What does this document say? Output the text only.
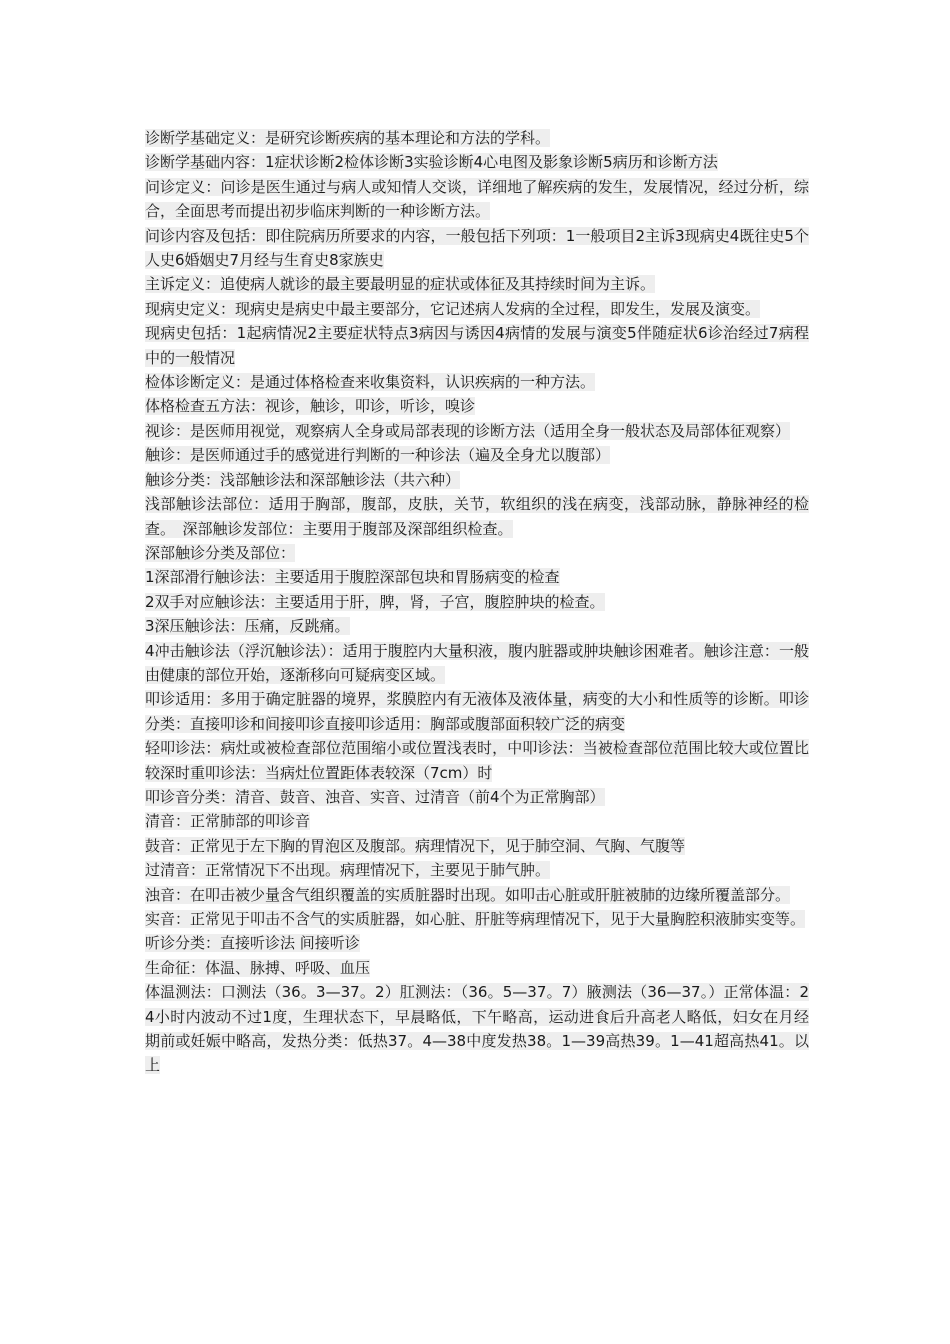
诊断学基础定义：是研究诊断疾病的基本理论和方法的学科。

诊断学基础内容：1症状诊断2检体诊断3实验诊断4心电图及影象诊断5病历和诊断方法

问诊定义：问诊是医生通过与病人或知情人交谈，详细地了解疾病的发生，发展情况，经过分析，综合，全面思考而提出初步临床判断的一种诊断方法。

问诊内容及包括：即住院病历所要求的内容，一般包括下列项：1一般项目2主诉3现病史4既往史5个人史6婚姻史7月经与生育史8家族史

主诉定义：追使病人就诊的最主要最明显的症状或体征及其持续时间为主诉。

现病史定义：现病史是病史中最主要部分，它记述病人发病的全过程，即发生，发展及演变。

现病史包括：1起病情况2主要症状特点3病因与诱因4病情的发展与演变5伴随症状6诊治经过7病程中的一般情况

检体诊断定义：是通过体格检查来收集资料，认识疾病的一种方法。

体格检查五方法：视诊，触诊，叩诊，听诊，嗅诊

视诊：是医师用视觉，观察病人全身或局部表现的诊断方法（适用全身一般状态及局部体征观察）

触诊：是医师通过手的感觉进行判断的一种诊法（遍及全身尤以腹部）

触诊分类：浅部触诊法和深部触诊法（共六种）

浅部触诊法部位：适用于胸部，腹部，皮肤，关节，软组织的浅在病变，浅部动脉，静脉神经的检查。　深部触诊发部位：主要用于腹部及深部组织检查。

深部触诊分类及部位：

1深部滑行触诊法：主要适用于腹腔深部包块和胃肠病变的检查

2双手对应触诊法：主要适用于肝，脾，肾，子宫，腹腔肿块的检查。

3深压触诊法：压痛，反跳痛。

4冲击触诊法（浮沉触诊法）：适用于腹腔内大量积液，腹内脏器或肿块触诊困难者。触诊注意：一般由健康的部位开始，逐渐移向可疑病变区域。

叩诊适用：多用于确定脏器的境界，浆膜腔内有无液体及液体量，病变的大小和性质等的诊断。叩诊分类：直接叩诊和间接叩诊直接叩诊适用：胸部或腹部面积较广泛的病变

轻叩诊法：病灶或被检查部位范围缩小或位置浅表时，中叩诊法：当被检查部位范围比较大或位置比较深时重叩诊法：当病灶位置距体表较深（7cm）时

叩诊音分类：清音、鼓音、浊音、实音、过清音（前4个为正常胸部）

清音：正常肺部的叩诊音

鼓音：正常见于左下胸的胃泡区及腹部。病理情况下，见于肺空洞、气胸、气腹等

过清音：正常情况下不出现。病理情况下，主要见于肺气肿。

浊音：在叩击被少量含气组织覆盖的实质脏器时出现。如叩击心脏或肝脏被肺的边缘所覆盖部分。

实音：正常见于叩击不含气的实质脏器，如心脏、肝脏等病理情况下，见于大量胸腔积液肺实变等。

听诊分类：直接听诊法 间接听诊

生命征：体温、脉搏、呼吸、血压

体温测法：口测法（36。3—37。2）肛测法：（36。5—37。7）腋测法（36—37。）正常体温：24小时内波动不过1度，生理状态下，早晨略低，下午略高，运动进食后升高老人略低，妇女在月经期前或妊娠中略高，发热分类：低热37。4—38中度发热38。1—39高热39。1—41超高热41。以上
